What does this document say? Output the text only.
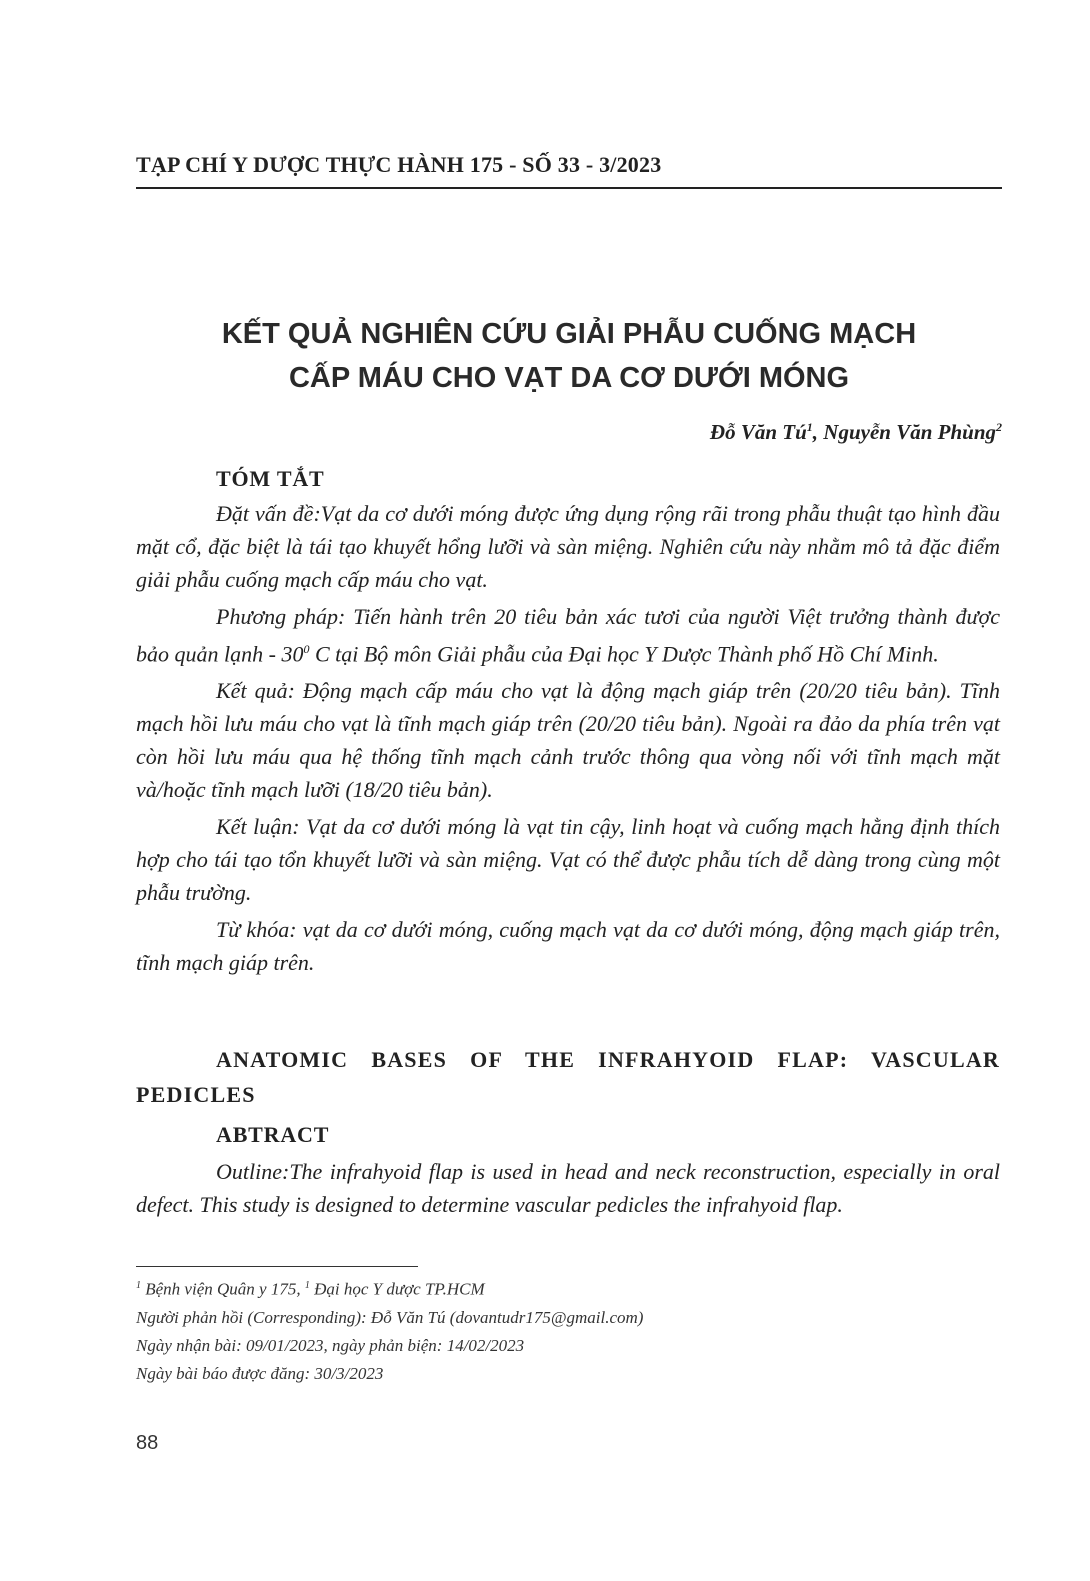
TẠP CHÍ Y DƯỢC THỰC HÀNH 175 - SỐ 33 - 3/2023
KẾT QUẢ NGHIÊN CỨU GIẢI PHẪU CUỐNG MẠCH
CẤP MÁU CHO VẠT DA CƠ DƯỚI MÓNG
Đỗ Văn $Tú^1$, Nguyễn Văn Phùng$^2$
TÓM TẮT

Đặt vấn đề:Vạt da cơ dưới móng được ứng dụng rộng rãi trong phẫu thuật tạo hình đầu mặt cổ, đặc biệt là tái tạo khuyết hổng lưỡi và sàn miệng. Nghiên cứu này nhằm mô tả đặc điểm giải phẫu cuống mạch cấp máu cho vạt.

Phương pháp: Tiến hành trên 20 tiêu bản xác tươi của người Việt trưởng thành được bảo quản lạnh - $30^0$ C tại Bộ môn Giải phẫu của Đại học Y Dược Thành phố Hồ Chí Minh.

Kết quả: Động mạch cấp máu cho vạt là động mạch giáp trên (20/20 tiêu bản). Tĩnh mạch hồi lưu máu cho vạt là tĩnh mạch giáp trên (20/20 tiêu bản). Ngoài ra đảo da phía trên vạt còn hồi lưu máu qua hệ thống tĩnh mạch cảnh trước thông qua vòng nối với tĩnh mạch mặt và/hoặc tĩnh mạch lưỡi (18/20 tiêu bản).

Kết luận: Vạt da cơ dưới móng là vạt tin cậy, linh hoạt và cuống mạch hằng định thích hợp cho tái tạo tổn khuyết lưỡi và sàn miệng. Vạt có thể được phẫu tích dễ dàng trong cùng một phẫu trường.

Từ khóa: vạt da cơ dưới móng, cuống mạch vạt da cơ dưới móng, động mạch giáp trên, tĩnh mạch giáp trên.

ANATOMIC BASES OF THE INFRAHYOID FLAP: VASCULAR PEDICLES
ABTRACT

Outline:The infrahyoid flap is used in head and neck reconstruction, especially in oral defect. This study is designed to determine vascular pedicles the infrahyoid flap.

$^1$ Bệnh viện Quân y 175, $^1$ Đại học Y dược TP.HCM
Người phản hồi (Corresponding): Đỗ Văn Tú (dovantudr175@gmail.com)
Ngày nhận bài: 09/01/2023, ngày phản biện: 14/02/2023
Ngày bài báo được đăng: 30/3/2023
88
